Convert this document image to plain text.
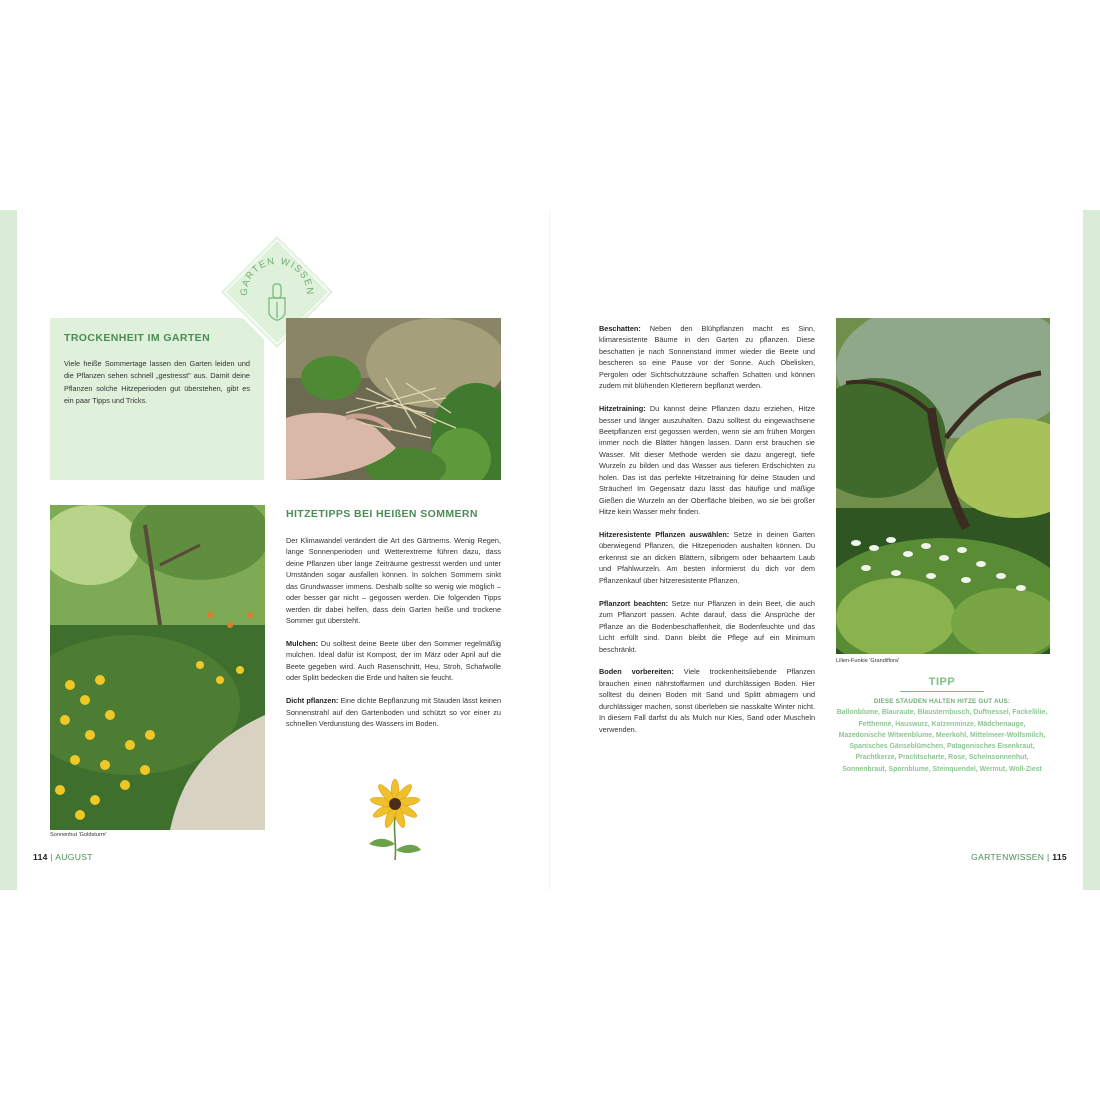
TROCKENHEIT IM GARTEN

Viele heiße Sommertage lassen den Garten leiden und die Pflanzen sehen schnell „gestresst" aus. Damit deine Pflanzen solche Hitzeperioden gut überstehen, gibt es ein paar Tipps und Tricks.

GARTEN WISSEN
Sonnenhut 'Goldsturm'
HITZETIPPS BEI HEIßEN SOMMERN

Der Klimawandel verändert die Art des Gärtnerns. Wenig Regen, lange Sonnenperioden und Wetterextreme führen dazu, dass deine Pflanzen über lange Zeiträume gestresst werden und unter Umständen sogar ausfallen können. In solchen Sommern sinkt das Grundwasser immens. Deshalb sollte so wenig wie möglich – oder besser gar nicht – gegossen werden. Die folgenden Tipps werden dir dabei helfen, dass dein Garten heiße und trockene Sommer gut übersteht.

Mulchen: Du solltest deine Beete über den Sommer regelmäßig mulchen. Ideal dafür ist Kompost, der im März oder April auf die Beete gegeben wird. Auch Rasenschnitt, Heu, Stroh, Schafwolle oder Splitt bedecken die Erde und halten sie feucht.

Dicht pflanzen: Eine dichte Bepflanzung mit Stauden lässt keinen Sonnenstrahl auf den Gartenboden und schützt so vor einer zu schnellen Verdunstung des Wassers im Boden.

Beschatten: Neben den Blühpflanzen macht es Sinn, klimaresistente Bäume in den Garten zu pflanzen. Diese beschatten je nach Sonnenstand immer wieder die Beete und bescheren so eine Pause vor der Sonne. Auch Obelisken, Pergolen oder Sichtschutzzäune schaffen Schatten und können zudem mit blühenden Kletterern bepflanzt werden.

Hitzetraining: Du kannst deine Pflanzen dazu erziehen, Hitze besser und länger auszuhalten. Dazu solltest du eingewachsene Beetpflanzen erst gegossen werden, wenn sie am frühen Morgen immer noch die Blätter hängen lassen. Dann erst brauchen sie Wasser. Mit dieser Methode werden sie dazu angeregt, tiefe Wurzeln zu bilden und das Wasser aus tieferen Erdschichten zu holen. Das ist das perfekte Hitzetraining für deine Stauden und Sträucher! Im Gegensatz dazu lässt das häufige und mäßige Gießen die Wurzeln an der Oberfläche bleiben, wo sie bei großer Hitze kein Wasser mehr finden.

Hitzeresistente Pflanzen auswählen: Setze in deinen Garten überwiegend Pflanzen, die Hitzeperioden aushalten können. Du erkennst sie an dicken Blättern, silbrigem oder behaartem Laub und Pfahlwurzeln. Am besten informierst du dich vor dem Pflanzenkauf über hitzeresistente Pflanzen.

Pflanzort beachten: Setze nur Pflanzen in dein Beet, die auch zum Pflanzort passen. Achte darauf, dass die Ansprüche der Pflanze an die Bodenbeschaffenheit, die Bodenfeuchte und das Licht erfüllt sind. Dann bleibt die Pflege auf ein Minimum beschränkt.

Boden vorbereiten: Viele trockenheitsliebende Pflanzen brauchen einen nährstoffarmen und durchlässigen Boden. Hier solltest du deinen Boden mit Sand und Splitt abmagern und durchlässiger machen, sonst überleben sie nasskalte Winter nicht. In diesem Fall darfst du als Mulch nur Kies, Sand oder Muscheln verwenden.

Lilien-Funkie 'Grandiflora'
TIPP
DIESE STAUDEN HALTEN HITZE GUT AUS:
Ballonblume, Blauraute, Blausternbusch, Duftnessel, Fackellilie, Fetthenne, Hauswurz, Katzenminze, Mädchenauge, Mazedonische Witwenblume, Meerkohl, Mittelmeer-Wolfsmilch, Spanisches Gänseblümchen, Patagonisches Eisenkraut, Prachtkerze, Prachtscharte, Rose, Scheinsonnenhut, Sonnenbraut, Spornblume, Steinquendel, Wermut, Woll-Ziest
114 | AUGUST	GARTENWISSEN | 115
